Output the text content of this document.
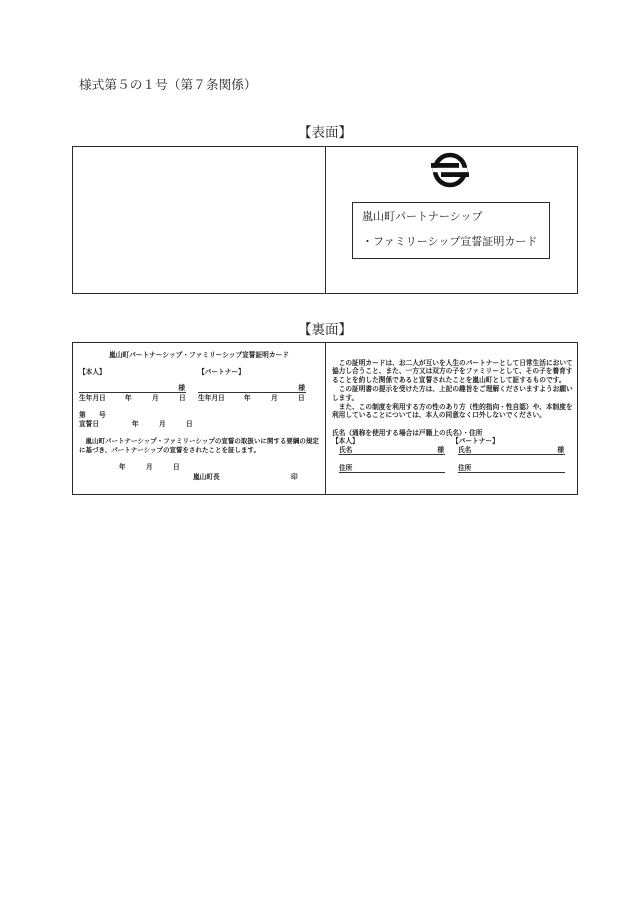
様式第５の１号（第７条関係）
【表面】
嵐山町パートナーシップ
・ファミリーシップ宣誓証明カード
【裏面】
嵐山町パートナーシップ・ファミリーシップ宣誓証明カード
【本人】	【パートナー】
様	様
生年月日	年	月	日 生年月日	年	月	日
第 号
宣誓日	年	月	日
嵐山町パートナーシップ・ファミリーシップの宣誓の取扱いに関する要綱の規定に基づき、パートナーシップの宣誓をされたことを証します。
年	月	日
嵐山町長	印

この証明カードは、お二人が互いを人生のパートナーとして日常生活において協力し合うこと、また、一方又は双方の子をファミリーとして、その子を養育することを約した関係であると宣誓されたことを嵐山町として証するものです。

この証明書の提示を受けた方は、上記の趣旨をご理解くださいますようお願いします。

また、この制度を利用する方の性のあり方（性的指向・性自認）や、本制度を利用していることについては、本人の同意なく口外しないでください。

氏名（通称を使用する場合は戸籍上の氏名）・住所
【本人】	【パートナー】
氏名	様 氏名	様
住所	住所
